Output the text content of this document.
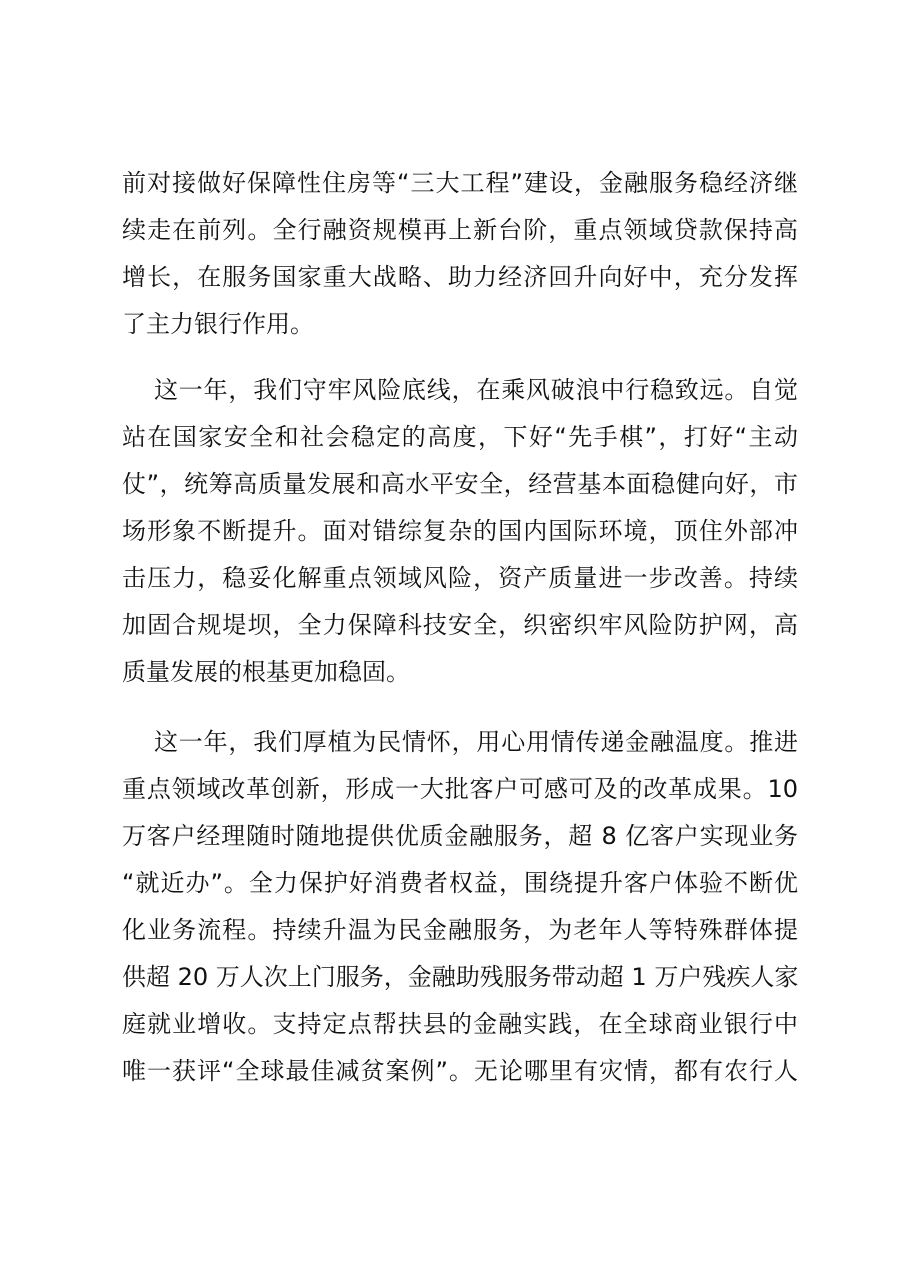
前对接做好保障性住房等“三大工程”建设，金融服务稳经济继
续走在前列。全行融资规模再上新台阶，重点领域贷款保持高
增长，在服务国家重大战略、助力经济回升向好中，充分发挥
了主力银行作用。
这一年，我们守牢风险底线，在乘风破浪中行稳致远。自觉
站在国家安全和社会稳定的高度，下好“先手棋”，打好“主动
仗”，统筹高质量发展和高水平安全，经营基本面稳健向好，市
场形象不断提升。面对错综复杂的国内国际环境，顶住外部冲
击压力，稳妥化解重点领域风险，资产质量进一步改善。持续
加固合规堤坝，全力保障科技安全，织密织牢风险防护网，高
质量发展的根基更加稳固。
这一年，我们厚植为民情怀，用心用情传递金融温度。推进
重点领域改革创新，形成一大批客户可感可及的改革成果。10
万客户经理随时随地提供优质金融服务，超 8 亿客户实现业务
“就近办”。全力保护好消费者权益，围绕提升客户体验不断优
化业务流程。持续升温为民金融服务，为老年人等特殊群体提
供超 20 万人次上门服务，金融助残服务带动超 1 万户残疾人家
庭就业增收。支持定点帮扶县的金融实践，在全球商业银行中
唯一获评“全球最佳减贫案例”。无论哪里有灾情，都有农行人
